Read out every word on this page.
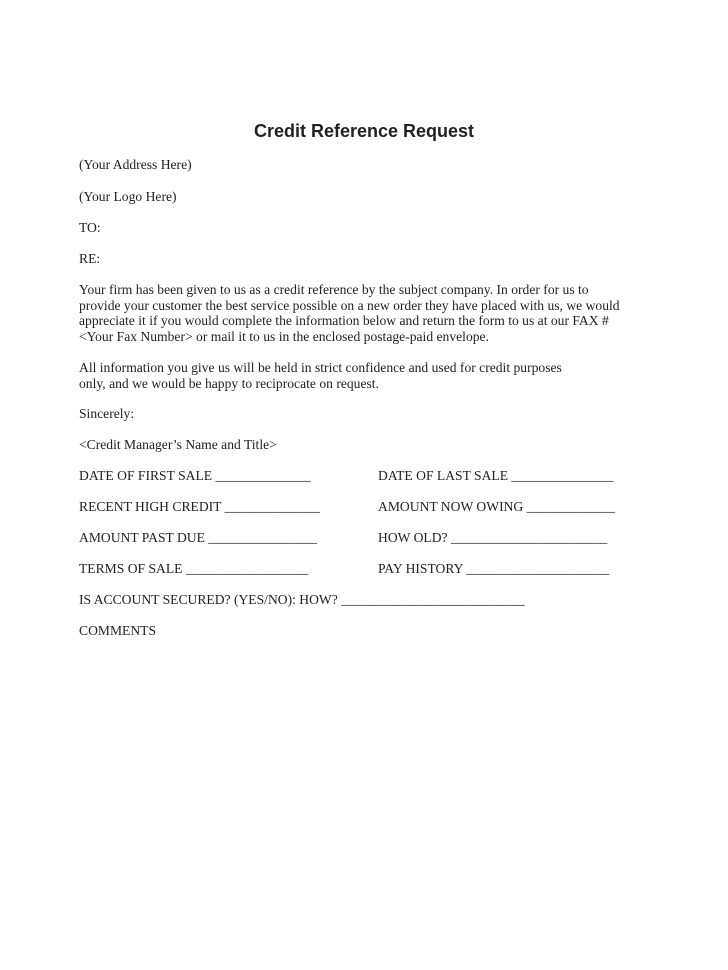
Credit Reference Request
(Your Address Here)
(Your Logo Here)
TO:
RE:
Your firm has been given to us as a credit reference by the subject company. In order for us to
provide your customer the best service possible on a new order they have placed with us, we would
appreciate it if you would complete the information below and return the form to us at our FAX #
<Your Fax Number> or mail it to us in the enclosed postage-paid envelope.
All information you give us will be held in strict confidence and used for credit purposes
only, and we would be happy to reciprocate on request.
Sincerely:
<Credit Manager’s Name and Title>
DATE OF FIRST SALE ______________	DATE OF LAST SALE _______________
RECENT HIGH CREDIT ______________	AMOUNT NOW OWING _____________
AMOUNT PAST DUE ________________	HOW OLD? _______________________
TERMS OF SALE __________________	PAY HISTORY _____________________
IS ACCOUNT SECURED? (YES/NO): HOW? ___________________________
COMMENTS
